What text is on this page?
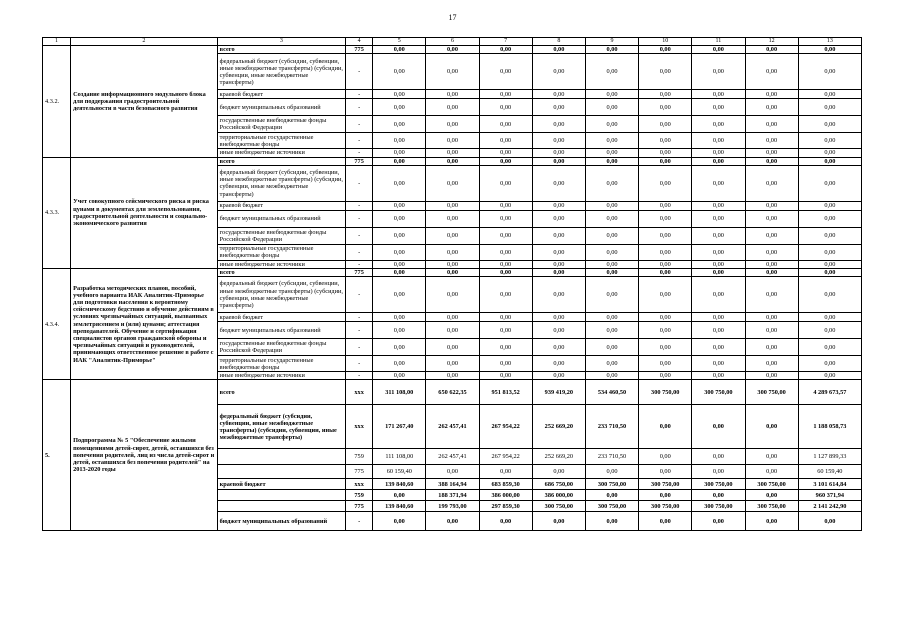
17
1	2	3	4	5	6	7	8	9	10	11	12	13
4.3.2.	Создание информационного модульного блока для поддержания градостроительной деятельности в части безопасного развития	всего	775	0,00	0,00	0,00	0,00	0,00	0,00	0,00	0,00	0,00
		федеральный бюджет (субсидии, субвенции, иные межбюджетные трансферты) (субсидии, субвенции, иные межбюджетные трансферты)	-	0,00	0,00	0,00	0,00	0,00	0,00	0,00	0,00	0,00
		краевой бюджет	-	0,00	0,00	0,00	0,00	0,00	0,00	0,00	0,00	0,00
		бюджет муниципальных образований	-	0,00	0,00	0,00	0,00	0,00	0,00	0,00	0,00	0,00
		государственные внебюджетные фонды Российской Федерации	-	0,00	0,00	0,00	0,00	0,00	0,00	0,00	0,00	0,00
		территориальные государственные внебюджетные фонды	-	0,00	0,00	0,00	0,00	0,00	0,00	0,00	0,00	0,00
		иные внебюджетные источники	-	0,00	0,00	0,00	0,00	0,00	0,00	0,00	0,00	0,00
4.3.3.	Учет совокупного сейсмического риска и риска цунами в документах для землепользования, градостроительной деятельности и социально-экономического развития	всего	775	0,00	0,00	0,00	0,00	0,00	0,00	0,00	0,00	0,00
		федеральный бюджет (субсидии, субвенции, иные межбюджетные трансферты) (субсидии, субвенции, иные межбюджетные трансферты)	-	0,00	0,00	0,00	0,00	0,00	0,00	0,00	0,00	0,00
		краевой бюджет	-	0,00	0,00	0,00	0,00	0,00	0,00	0,00	0,00	0,00
		бюджет муниципальных образований	-	0,00	0,00	0,00	0,00	0,00	0,00	0,00	0,00	0,00
		государственные внебюджетные фонды Российской Федерации	-	0,00	0,00	0,00	0,00	0,00	0,00	0,00	0,00	0,00
		территориальные государственные внебюджетные фонды	-	0,00	0,00	0,00	0,00	0,00	0,00	0,00	0,00	0,00
		иные внебюджетные источники	-	0,00	0,00	0,00	0,00	0,00	0,00	0,00	0,00	0,00
4.3.4.	Разработка методических планов, пособий, учебного варианта ИАК Аналитик-Приморье для подготовки населения к вероятному сейсмическому бедствию и обучение действиям в условиях чрезвычайных ситуаций, вызванных землетрясением и (или) цунами; аттестация преподавателей. Обучение и сертификация специалистов органов гражданской обороны и чрезвычайных ситуаций и руководителей, принимающих ответственное решение в работе с ИАК "Аналитик-Приморье"	всего	775	0,00	0,00	0,00	0,00	0,00	0,00	0,00	0,00	0,00
		федеральный бюджет (субсидии, субвенции, иные межбюджетные трансферты) (субсидии, субвенции, иные межбюджетные трансферты)	-	0,00	0,00	0,00	0,00	0,00	0,00	0,00	0,00	0,00
		краевой бюджет	-	0,00	0,00	0,00	0,00	0,00	0,00	0,00	0,00	0,00
		бюджет муниципальных образований	-	0,00	0,00	0,00	0,00	0,00	0,00	0,00	0,00	0,00
		государственные внебюджетные фонды Российской Федерации	-	0,00	0,00	0,00	0,00	0,00	0,00	0,00	0,00	0,00
		территориальные государственные внебюджетные фонды	-	0,00	0,00	0,00	0,00	0,00	0,00	0,00	0,00	0,00
		иные внебюджетные источники	-	0,00	0,00	0,00	0,00	0,00	0,00	0,00	0,00	0,00
5.	Подпрограмма № 5 "Обеспечение жилыми помещениями детей-сирот, детей, оставшихся без попечения родителей, лиц из числа детей-сирот и детей, оставшихся без попечения родителей" на 2013-2020 годы	всего	xxx	311 108,00	650 622,35	951 813,52	939 419,20	534 460,50	300 750,00	300 750,00	300 750,00	4 289 673,57
		федеральный бюджет (субсидии, субвенции, иные межбюджетные трансферты) (субсидии, субвенции, иные межбюджетные трансферты)	xxx	171 267,40	262 457,41	267 954,22	252 669,20	233 710,50	0,00	0,00	0,00	1 188 058,73
			759	111 108,00	262 457,41	267 954,22	252 669,20	233 710,50	0,00	0,00	0,00	1 127 899,33
			775	60 159,40	0,00	0,00	0,00	0,00	0,00	0,00	0,00	60 159,40
		краевой бюджет	xxx	139 840,60	388 164,94	683 859,30	686 750,00	300 750,00	300 750,00	300 750,00	300 750,00	3 101 614,84
			759	0,00	188 371,94	386 000,00	386 000,00	0,00	0,00	0,00	0,00	960 371,94
			775	139 840,60	199 793,00	297 859,30	300 750,00	300 750,00	300 750,00	300 750,00	300 750,00	2 141 242,90
		бюджет муниципальных образований	-	0,00	0,00	0,00	0,00	0,00	0,00	0,00	0,00	0,00
